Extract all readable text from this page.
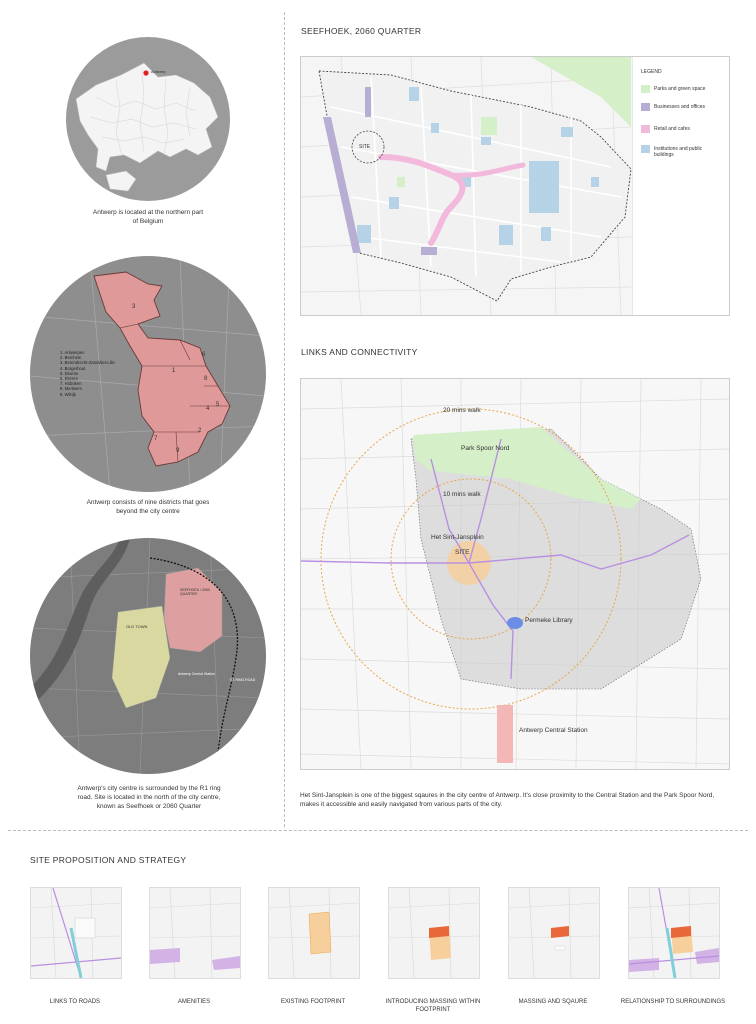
Antwerp
Antwerp is located at the northern part of Belgium
1. Antwerpen
2. Berchem
3. Berendrecht-Zandvliet-Lillo
4. Borgerhout
5. Deurne
6. Ekeren
7. Hoboken
8. Merksem
9. Wilrijk
3
6
1
8
5
4
2
7
9
Antwerp consists of nine districts that goes beyond the city centre
OLD TOWN
SEEFHOEK / 2060 QUARTER
Antwerp Central Station
R1 RING ROAD
Antwerp's city centre is surrounded by the R1 ring road. Site is located in the north of the city centre, known as Seefhoek or 2060 Quarter
SEEFHOEK, 2060 QUARTER
SITE
LEGEND
Parks and green space
Businesses and offices
Retail and cafes
Institutions and public buildings
LINKS AND CONNECTIVITY
20 mins walk
Park Spoor Nord
10 mins walk
Het Sint-Jansplein
SITE
Permeke Library
Antwerp Central Station
Het Sint-Jansplein is one of the biggest sqaures in the city centre of Antwerp. It's close proximity to the Central Station and the Park Spoor Nord, makes it accessible and easily navigated from various parts of the city.
SITE PROPOSITION AND STRATEGY
LINKS TO ROADS	AMENITIES	EXISTING FOOTPRINT	INTRODUCING MASSING WITHIN FOOTPRINT
MASSING AND SQAURE	RELATIONSHIP TO SURROUNDINGS
